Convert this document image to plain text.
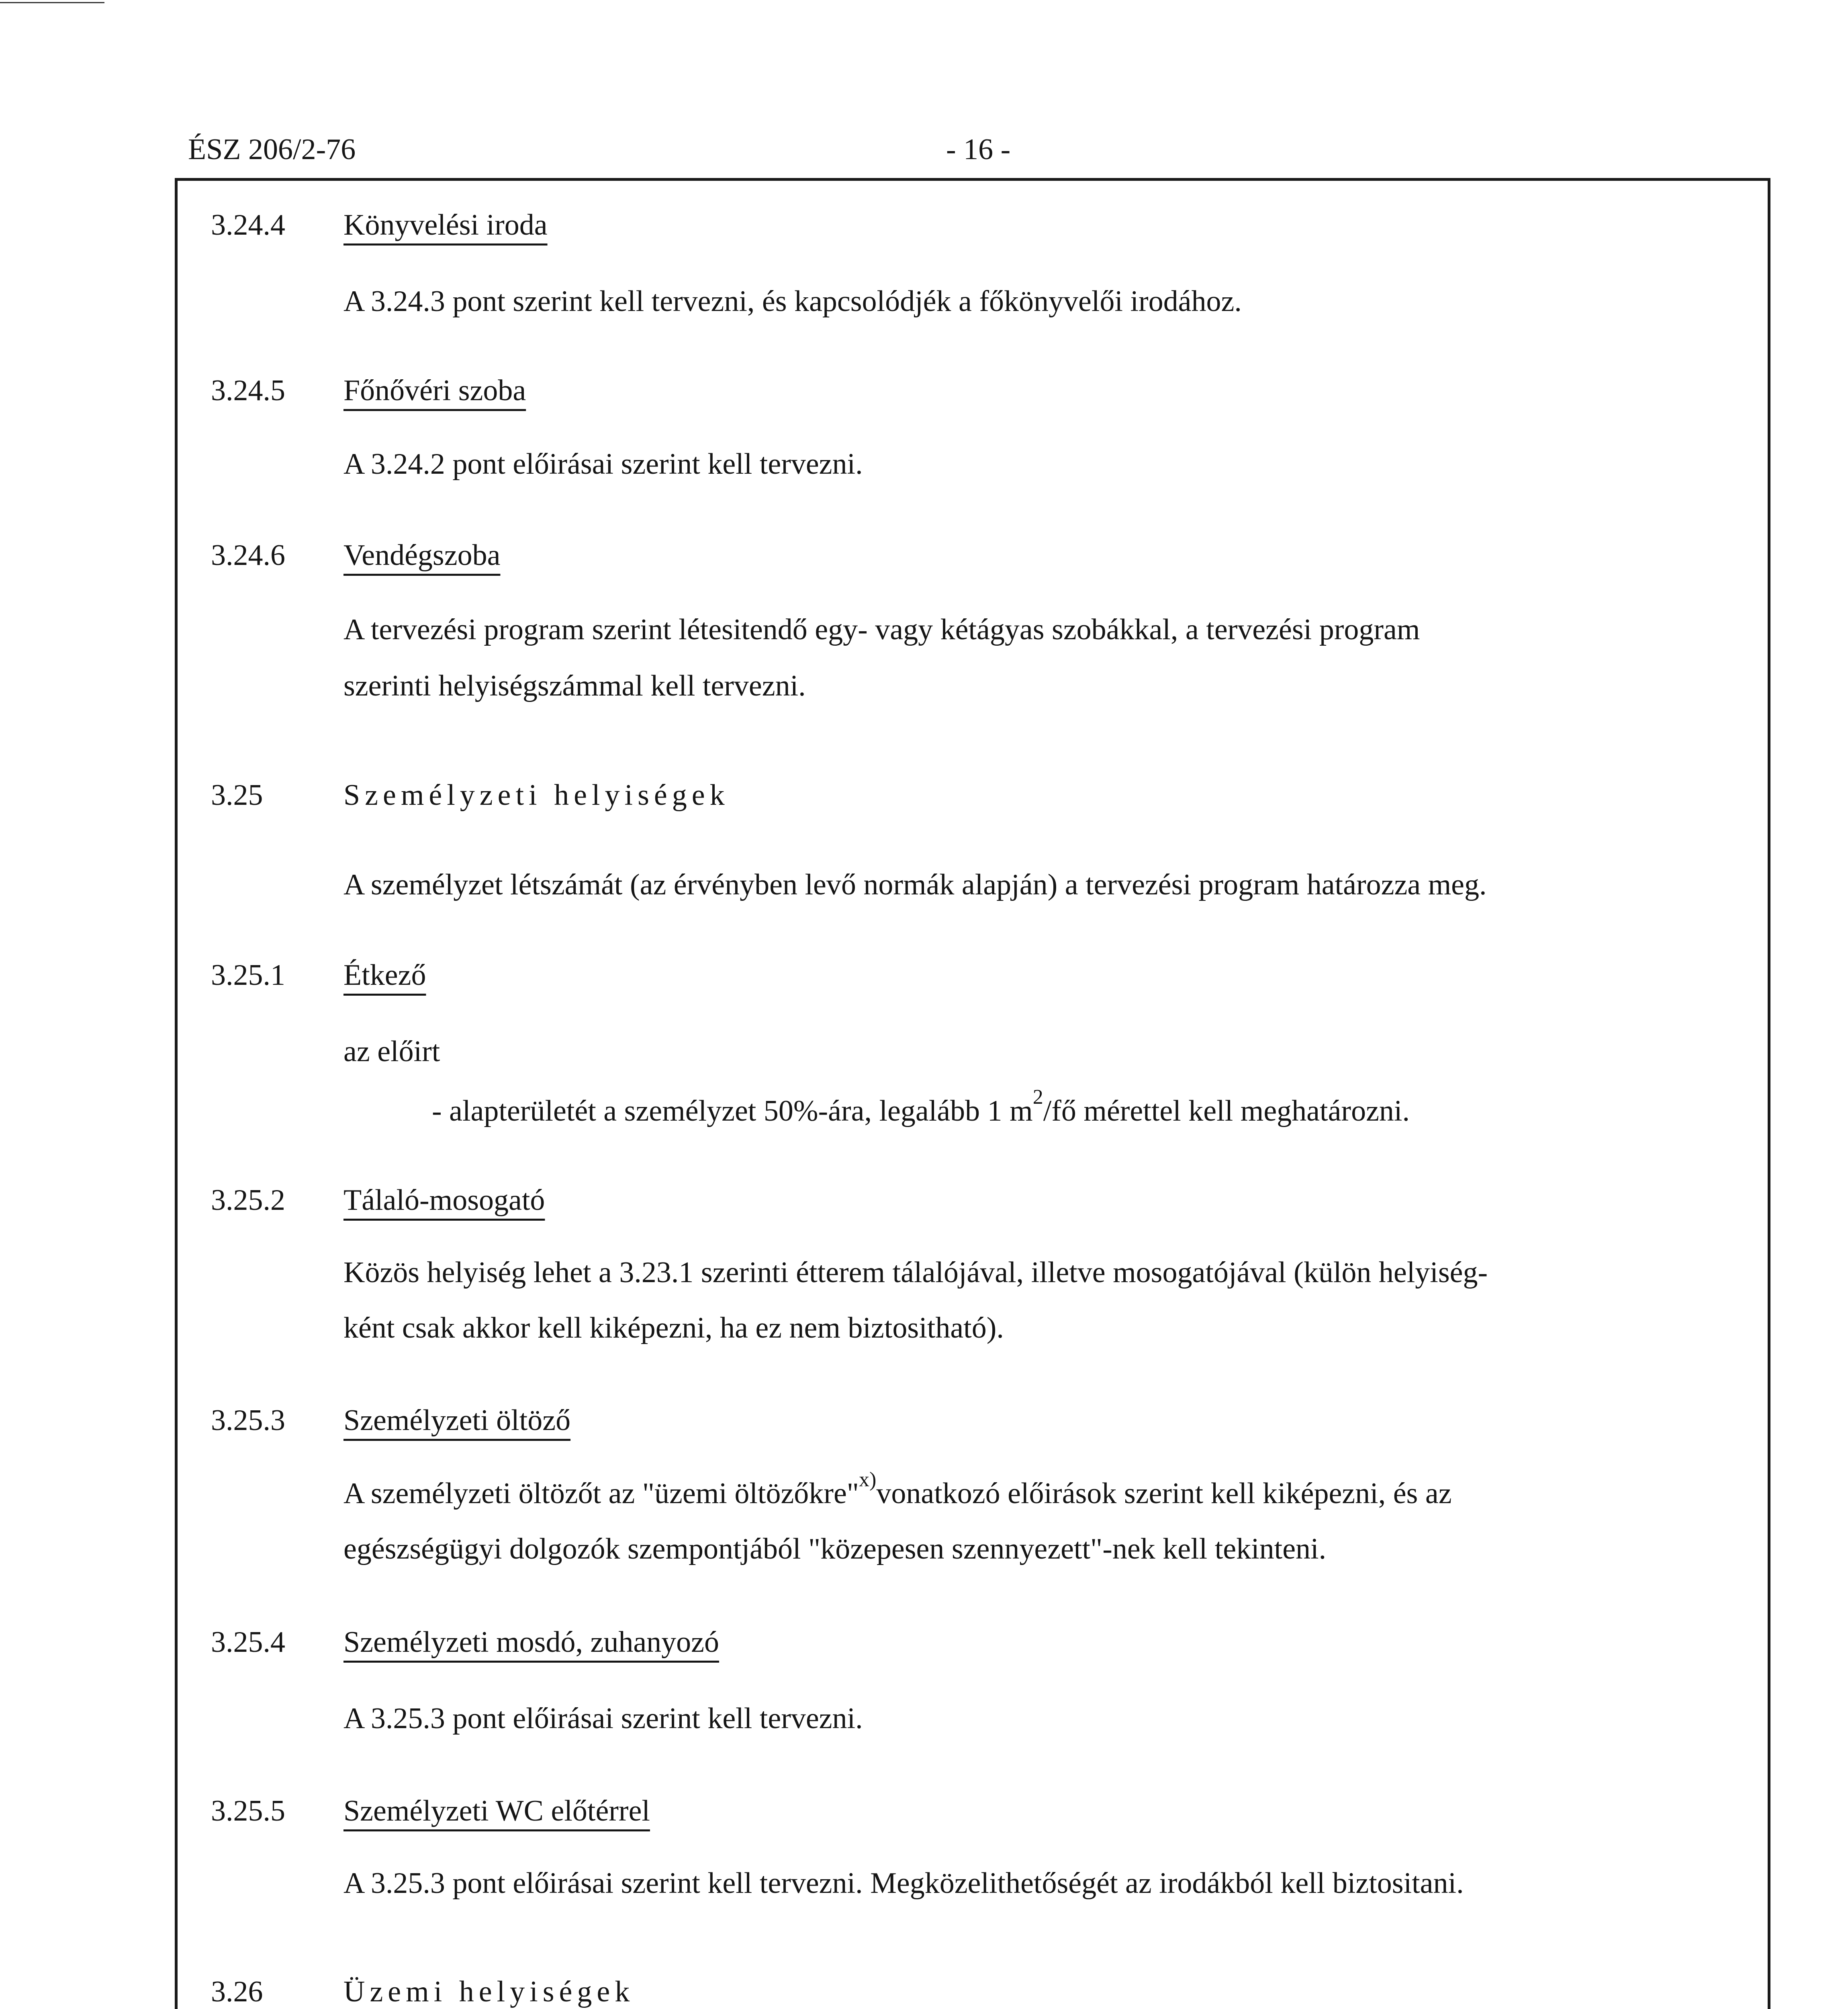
ÉSZ 206/2-76	- 16 -
3.24.4 Könyvelési iroda
A 3.24.3 pont szerint kell tervezni, és kapcsolódjék a főkönyvelői irodához.
3.24.5 Főnővéri szoba
A 3.24.2 pont előirásai szerint kell tervezni.
3.24.6 Vendégszoba
A tervezési program szerint létesitendő egy- vagy kétágyas szobákkal, a tervezési program
szerinti helyiségszámmal kell tervezni.
3.25	Személyzeti helyiségek
A személyzet létszámát (az érvényben levő normák alapján) a tervezési program határozza meg.
3.25.1 Étkező
az előirt
- alapterületét a személyzet 50%-ára, legalább 1 $m^2/fő$ mérettel kell meghatározni.
3.25.2 Tálaló-mosogató
Közös helyiség lehet a 3.23.1 szerinti étterem tálalójával, illetve mosogatójával (külön helyiség-
ként csak akkor kell kiképezni, ha ez nem biztositható).
3.25.3 Személyzeti öltöző
A személyzeti öltözőt az "üzemi öltözőkre"$^{x)}$vonatkozó előirások szerint kell kiképezni, és az
egészségügyi dolgozók szempontjából "közepesen szennyezett"-nek kell tekinteni.
3.25.4 Személyzeti mosdó, zuhanyozó
A 3.25.3 pont előirásai szerint kell tervezni.
3.25.5 Személyzeti WC előtérrel
A 3.25.3 pont előirásai szerint kell tervezni. Megközelithetőségét az irodákból kell biztositani.
3.26	Üzemi helyiségek
